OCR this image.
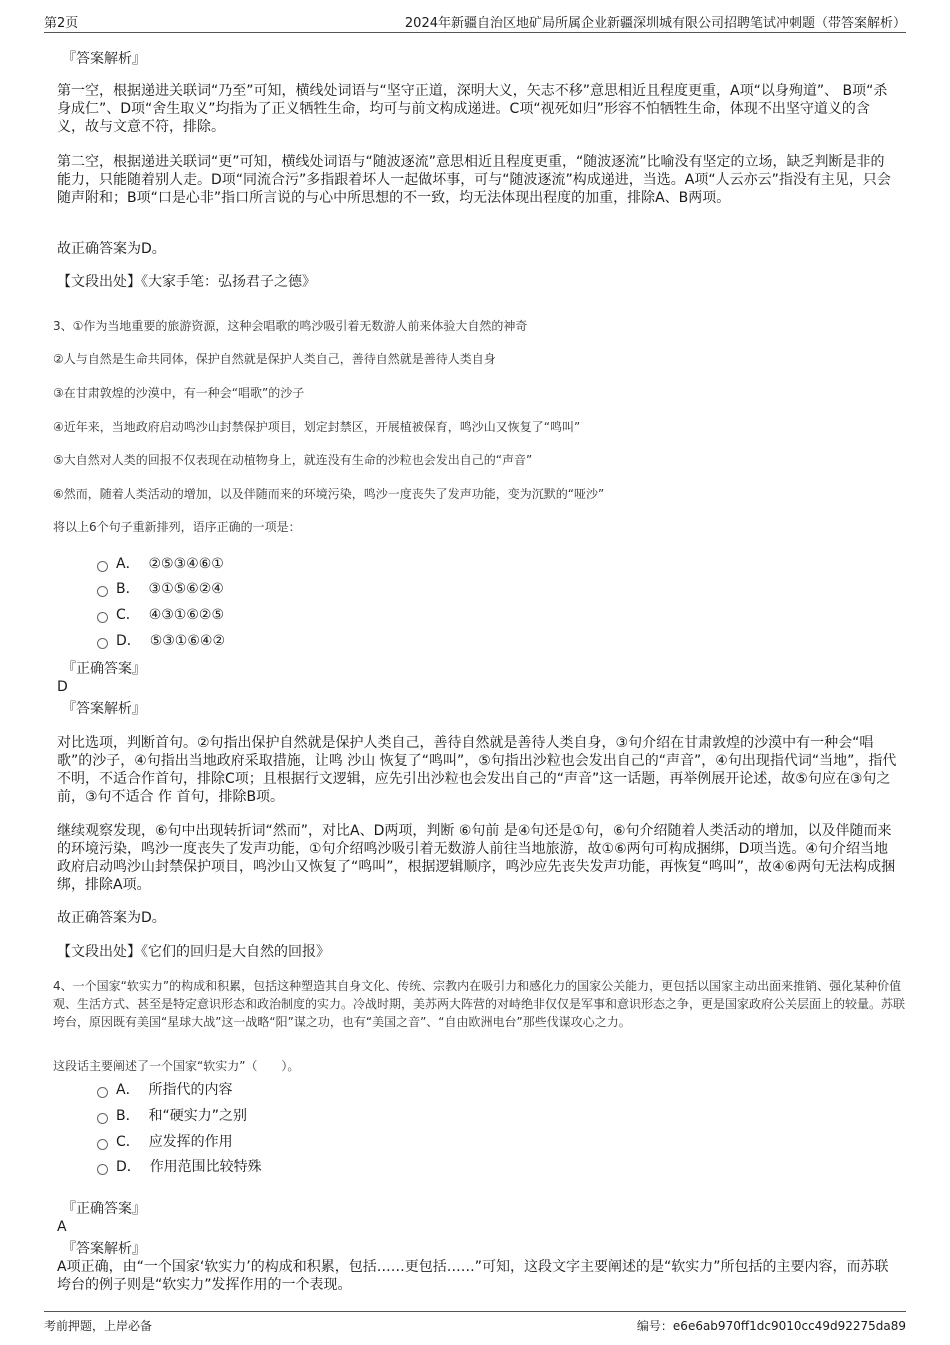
第2页	2024年新疆自治区地矿局所属企业新疆深圳城有限公司招聘笔试冲刺题（带答案解析）
『答案解析』

第一空，根据递进关联词“乃至”可知，横线处词语与“坚守正道，深明大义，矢志不移”意思相近且程度更重，A项“以身殉道”、 B项“杀身成仁”、D项“舍生取义”均指为了正义牺牲生命，均可与前文构成递进。C项“视死如归”形容不怕牺牲生命，体现不出坚守道义的含义，故与文意不符，排除。

第二空，根据递进关联词“更”可知，横线处词语与“随波逐流”意思相近且程度更重，“随波逐流”比喻没有坚定的立场，缺乏判断是非的能力，只能随着别人走。D项“同流合污”多指跟着坏人一起做坏事，可与“随波逐流”构成递进，当选。A项“人云亦云”指没有主见，只会随声附和；B项“口是心非”指口所言说的与心中所思想的不一致，均无法体现出程度的加重，排除A、B两项。

故正确答案为D。

【文段出处】《大家手笔：弘扬君子之德》

3、①作为当地重要的旅游资源，这种会唱歌的鸣沙吸引着无数游人前来体验大自然的神奇

②人与自然是生命共同体，保护自然就是保护人类自己，善待自然就是善待人类自身

③在甘肃敦煌的沙漠中，有一种会“唱歌”的沙子

④近年来，当地政府启动鸣沙山封禁保护项目，划定封禁区，开展植被保育，鸣沙山又恢复了“鸣叫”

⑤大自然对人类的回报不仅表现在动植物身上，就连没有生命的沙粒也会发出自己的“声音”

⑥然而，随着人类活动的增加，以及伴随而来的环境污染，鸣沙一度丧失了发声功能，变为沉默的“哑沙”

将以上6个句子重新排列，语序正确的一项是：

A．
②⑤③④⑥①
B．
③①⑤⑥②④
C．
④③①⑥②⑤
D．
⑤③①⑥④②
『正确答案』
D
『答案解析』

对比选项，判断首句。②句指出保护自然就是保护人类自己，善待自然就是善待人类自身，③句介绍在甘肃敦煌的沙漠中有一种会“唱歌”的沙子，④句指出当地政府采取措施，让鸣 沙山 恢复了“鸣叫”，⑤句指出沙粒也会发出自己的“声音”，④句出现指代词“当地”，指代不明，不适合作首句，排除C项；且根据行文逻辑，应先引出沙粒也会发出自己的“声音”这一话题，再举例展开论述，故⑤句应在③句之前，③句不适合 作 首句，排除B项。

继续观察发现，⑥句中出现转折词“然而”，对比A、D两项，判断 ⑥句前 是④句还是①句，⑥句介绍随着人类活动的增加，以及伴随而来的环境污染，鸣沙一度丧失了发声功能，①句介绍鸣沙吸引着无数游人前往当地旅游，故①⑥两句可构成捆绑，D项当选。④句介绍当地政府启动鸣沙山封禁保护项目，鸣沙山又恢复了“鸣叫”，根据逻辑顺序，鸣沙应先丧失发声功能，再恢复“鸣叫”，故④⑥两句无法构成捆绑，排除A项。

故正确答案为D。

【文段出处】《它们的回归是大自然的回报》

4、一个国家“软实力”的构成和积累，包括这种塑造其自身文化、传统、宗教内在吸引力和感化力的国家公关能力，更包括以国家主动出面来推销、强化某种价值观、生活方式、甚至是特定意识形态和政治制度的实力。冷战时期，美苏两大阵营的对峙绝非仅仅是军事和意识形态之争，更是国家政府公关层面上的较量。苏联垮台，原因既有美国“星球大战”这一战略“阳”谋之功，也有“美国之音”、“自由欧洲电台”那些伐谋攻心之力。

这段话主要阐述了一个国家“软实力”（　　）。

A．
所指代的内容
B．
和“硬实力”之别
C．
应发挥的作用
D．
作用范围比较特殊
『正确答案』
A
『答案解析』

A项正确，由“一个国家‘软实力’的构成和积累，包括……更包括……”可知，这段文字主要阐述的是“软实力”所包括的主要内容，而苏联垮台的例子则是“软实力”发挥作用的一个表现。

考前押题，上岸必备	编号：e6e6ab970ff1dc9010cc49d92275da89
